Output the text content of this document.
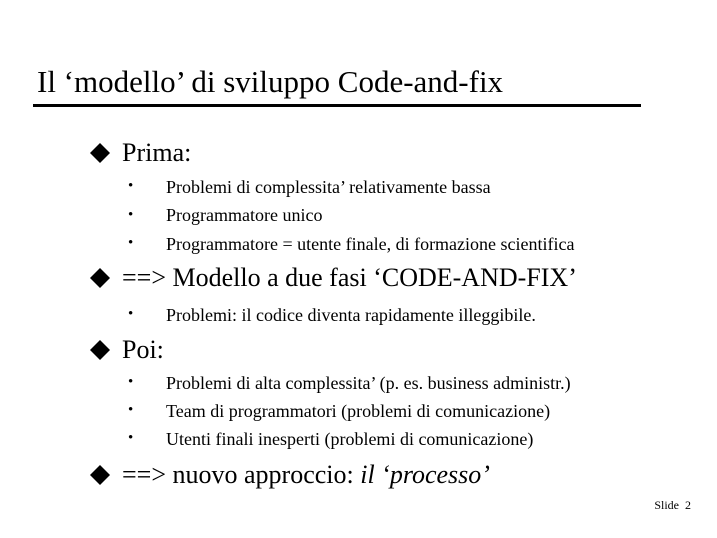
Il ‘modello’ di sviluppo Code-and-fix
Prima:
• Problemi di complessita’ relativamente bassa
• Programmatore unico
• Programmatore = utente finale, di formazione scientifica
==> Modello a due fasi ‘CODE-AND-FIX’
• Problemi: il codice diventa rapidamente illeggibile.
Poi:
• Problemi di alta complessita’ (p. es. business administr.)
• Team di programmatori (problemi di comunicazione)
• Utenti finali inesperti (problemi di comunicazione)
==> nuovo approccio: il ‘processo’
Slide 2
